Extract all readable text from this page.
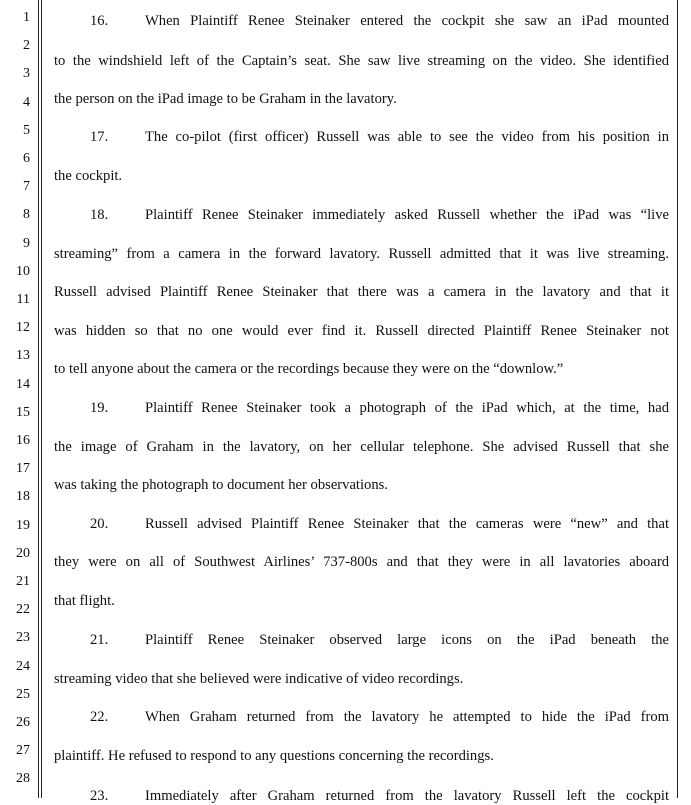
1
2
3
4
5
6
7
8
9
10
11
12
13
14
15
16
17
18
19
20
21
22
23
24
25
26
27
28
16.	When Plaintiff Renee Steinaker entered the cockpit she saw an iPad mounted
to the windshield left of the Captain’s seat. She saw live streaming on the video. She identified
the person on the iPad image to be Graham in the lavatory.
17.	The co-pilot (first officer) Russell was able to see the video from his position in
the cockpit.
18.	Plaintiff Renee Steinaker immediately asked Russell whether the iPad was “live
streaming” from a camera in the forward lavatory. Russell admitted that it was live streaming.
Russell advised Plaintiff Renee Steinaker that there was a camera in the lavatory and that it
was hidden so that no one would ever find it. Russell directed Plaintiff Renee Steinaker not
to tell anyone about the camera or the recordings because they were on the “downlow.”
19.	Plaintiff Renee Steinaker took a photograph of the iPad which, at the time, had
the image of Graham in the lavatory, on her cellular telephone. She advised Russell that she
was taking the photograph to document her observations.
20.	Russell advised Plaintiff Renee Steinaker that the cameras were “new” and that
they were on all of Southwest Airlines’ 737-800s and that they were in all lavatories aboard
that flight.
21.	Plaintiff Renee Steinaker observed large icons on the iPad beneath the
streaming video that she believed were indicative of video recordings.
22.	When Graham returned from the lavatory he attempted to hide the iPad from
plaintiff. He refused to respond to any questions concerning the recordings.
23.	Immediately after Graham returned from the lavatory Russell left the cockpit
